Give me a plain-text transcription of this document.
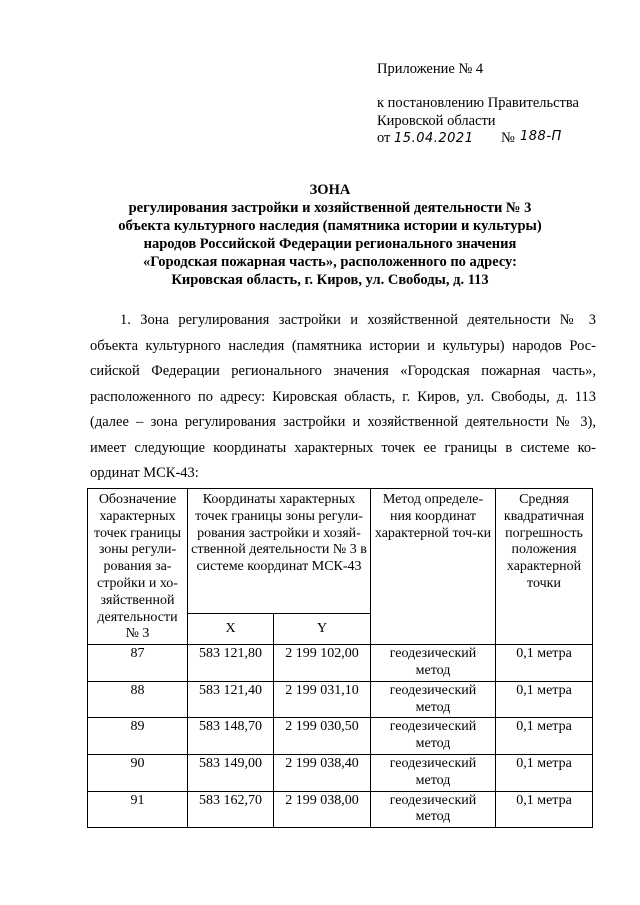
Приложение № 4
к постановлению Правительства
Кировской области
от 15.04.2021 № 188-П
ЗОНА
регулирования застройки и хозяйственной деятельности № 3
объекта культурного наследия (памятника истории и культуры)
народов Российской Федерации регионального значения
«Городская пожарная часть», расположенного по адресу:
Кировская область, г. Киров, ул. Свободы, д. 113
1. Зона регулирования застройки и хозяйственной деятельности № 3
объекта культурного наследия (памятника истории и культуры) народов Рос-
сийской Федерации регионального значения «Городская пожарная часть»,
расположенного по адресу: Кировская область, г. Киров, ул. Свободы, д. 113
(далее – зона регулирования застройки и хозяйственной деятельности № 3),
имеет следующие координаты характерных точек ее границы в системе ко-
ординат МСК-43:
Обозначение характерных точек границы зоны регули-рования за-стройки и хо-зяйственной деятельности № 3	Координаты характерных точек границы зоны регули-рования застройки и хозяй-ственной деятельности № 3 в системе координат МСК-43		Метод определе-ния координат характерной точ-ки	Средняя квадратичная погрешность положения характерной точки
	X	Y		
87	583 121,80	2 199 102,00	геодезический метод	0,1 метра
88	583 121,40	2 199 031,10	геодезический метод	0,1 метра
89	583 148,70	2 199 030,50	геодезический метод	0,1 метра
90	583 149,00	2 199 038,40	геодезический метод	0,1 метра
91	583 162,70	2 199 038,00	геодезический метод	0,1 метра
